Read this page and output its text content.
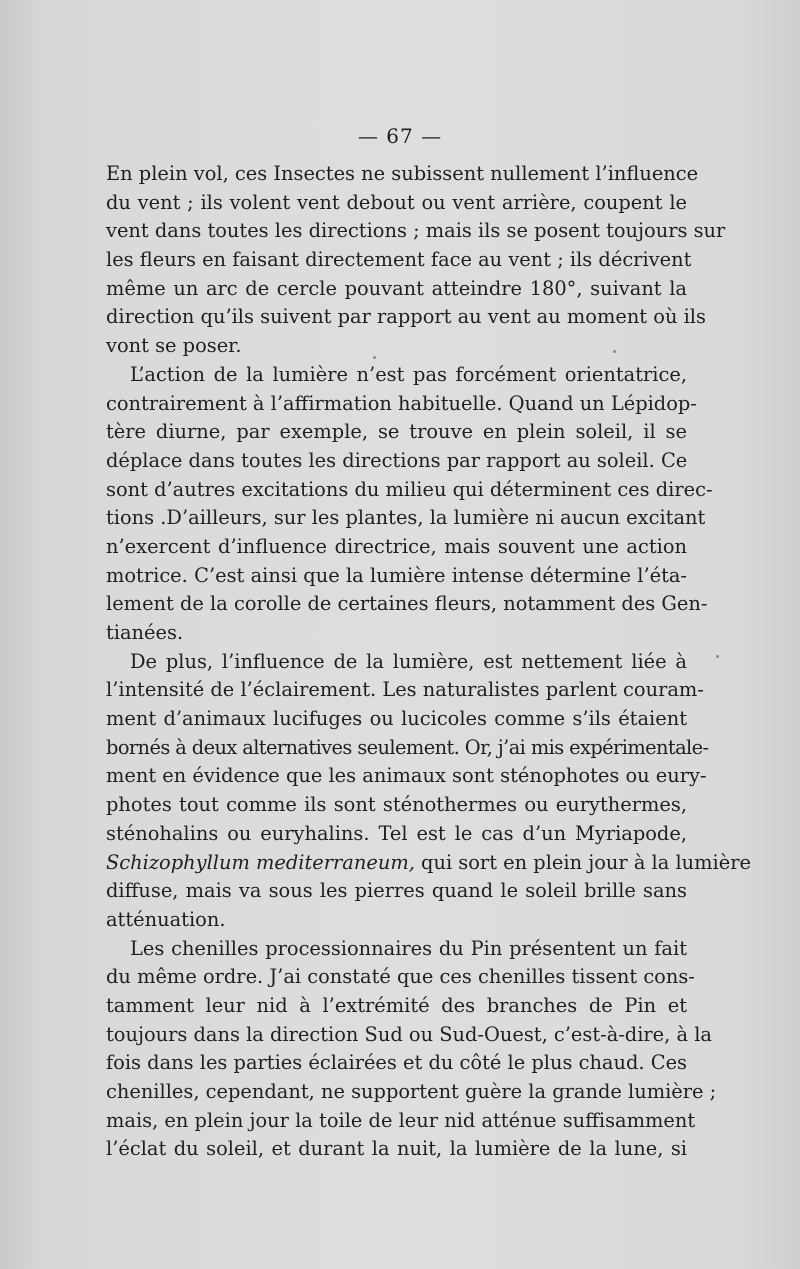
— 67 —
En plein vol, ces Insectes ne subissent nullement l’influence
du vent ; ils volent vent debout ou vent arrière, coupent le
vent dans toutes les directions ; mais ils se posent toujours sur
les fleurs en faisant directement face au vent ; ils décrivent
même un arc de cercle pouvant atteindre 180°, suivant la
direction qu’ils suivent par rapport au vent au moment où ils
vont se poser.
L’action de la lumière n’est pas forcément orientatrice,
contrairement à l’affirmation habituelle. Quand un Lépidop-
tère diurne, par exemple, se trouve en plein soleil, il se
déplace dans toutes les directions par rapport au soleil. Ce
sont d’autres excitations du milieu qui déterminent ces direc-
tions .D’ailleurs, sur les plantes, la lumière ni aucun excitant
n’exercent d’influence directrice, mais souvent une action
motrice. C’est ainsi que la lumière intense détermine l’éta-
lement de la corolle de certaines fleurs, notamment des Gen-
tianées.
De plus, l’influence de la lumière, est nettement liée à
l’intensité de l’éclairement. Les naturalistes parlent couram-
ment d’animaux lucifuges ou lucicoles comme s’ils étaient
bornés à deux alternatives seulement. Or, j’ai mis expérimentale-
ment en évidence que les animaux sont sténophotes ou eury-
photes tout comme ils sont sténothermes ou eurythermes,
sténohalins ou euryhalins. Tel est le cas d’un Myriapode,
Schizophyllum mediterraneum, qui sort en plein jour à la lumière
diffuse, mais va sous les pierres quand le soleil brille sans
atténuation.
Les chenilles processionnaires du Pin présentent un fait
du même ordre. J’ai constaté que ces chenilles tissent cons-
tamment leur nid à l’extrémité des branches de Pin et
toujours dans la direction Sud ou Sud-Ouest, c’est-à-dire, à la
fois dans les parties éclairées et du côté le plus chaud. Ces
chenilles, cependant, ne supportent guère la grande lumière ;
mais, en plein jour la toile de leur nid atténue suffisamment
l’éclat du soleil, et durant la nuit, la lumière de la lune, si
